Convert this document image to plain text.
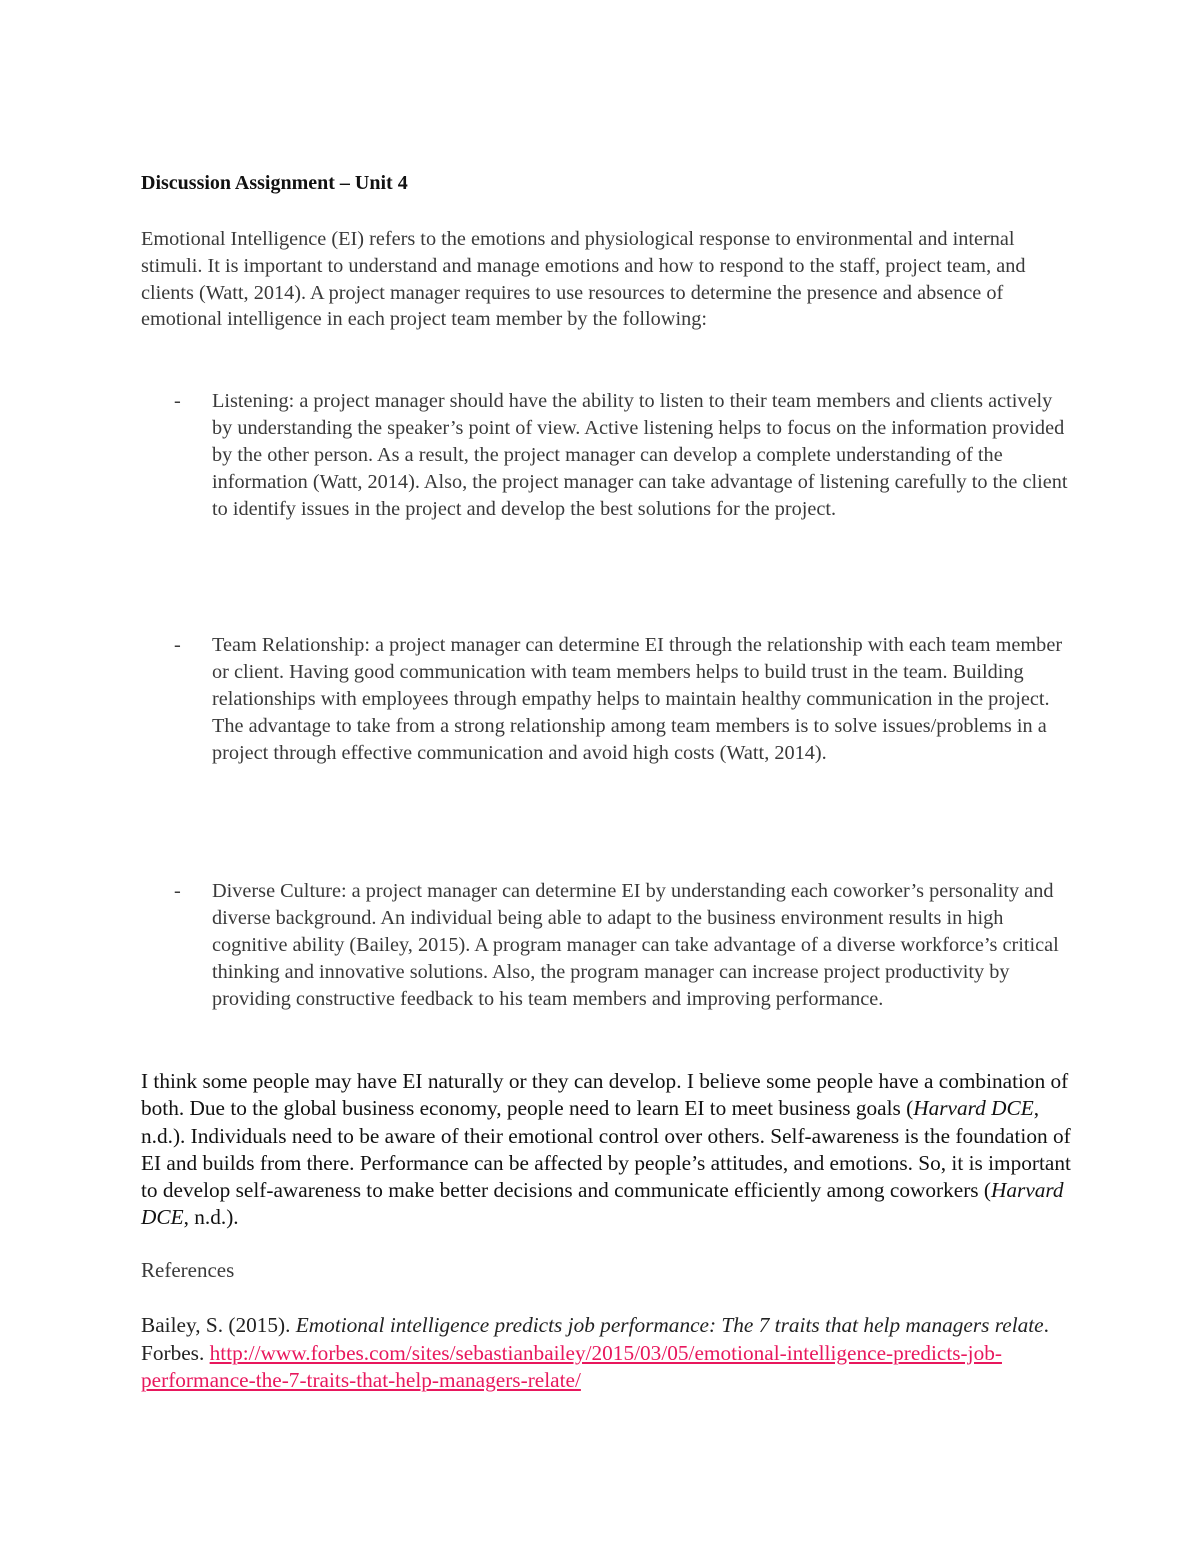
Discussion Assignment – Unit 4
Emotional Intelligence (EI) refers to the emotions and physiological response to environmental and internal stimuli. It is important to understand and manage emotions and how to respond to the staff, project team, and clients (Watt, 2014). A project manager requires to use resources to determine the presence and absence of emotional intelligence in each project team member by the following:
- Listening: a project manager should have the ability to listen to their team members and clients actively by understanding the speaker’s point of view. Active listening helps to focus on the information provided by the other person. As a result, the project manager can develop a complete understanding of the information (Watt, 2014). Also, the project manager can take advantage of listening carefully to the client to identify issues in the project and develop the best solutions for the project.
- Team Relationship: a project manager can determine EI through the relationship with each team member or client. Having good communication with team members helps to build trust in the team. Building relationships with employees through empathy helps to maintain healthy communication in the project. The advantage to take from a strong relationship among team members is to solve issues/problems in a project through effective communication and avoid high costs (Watt, 2014).
- Diverse Culture: a project manager can determine EI by understanding each coworker’s personality and diverse background. An individual being able to adapt to the business environment results in high cognitive ability (Bailey, 2015). A program manager can take advantage of a diverse workforce’s critical thinking and innovative solutions. Also, the program manager can increase project productivity by providing constructive feedback to his team members and improving performance.
I think some people may have EI naturally or they can develop. I believe some people have a combination of both. Due to the global business economy, people need to learn EI to meet business goals (Harvard DCE, n.d.). Individuals need to be aware of their emotional control over others. Self-awareness is the foundation of EI and builds from there. Performance can be affected by people’s attitudes, and emotions. So, it is important to develop self-awareness to make better decisions and communicate efficiently among coworkers (Harvard DCE, n.d.).
References
Bailey, S. (2015). Emotional intelligence predicts job performance: The 7 traits that help managers relate. Forbes. http://www.forbes.com/sites/sebastianbailey/2015/03/05/emotional-intelligence-predicts-job-performance-the-7-traits-that-help-managers-relate/
